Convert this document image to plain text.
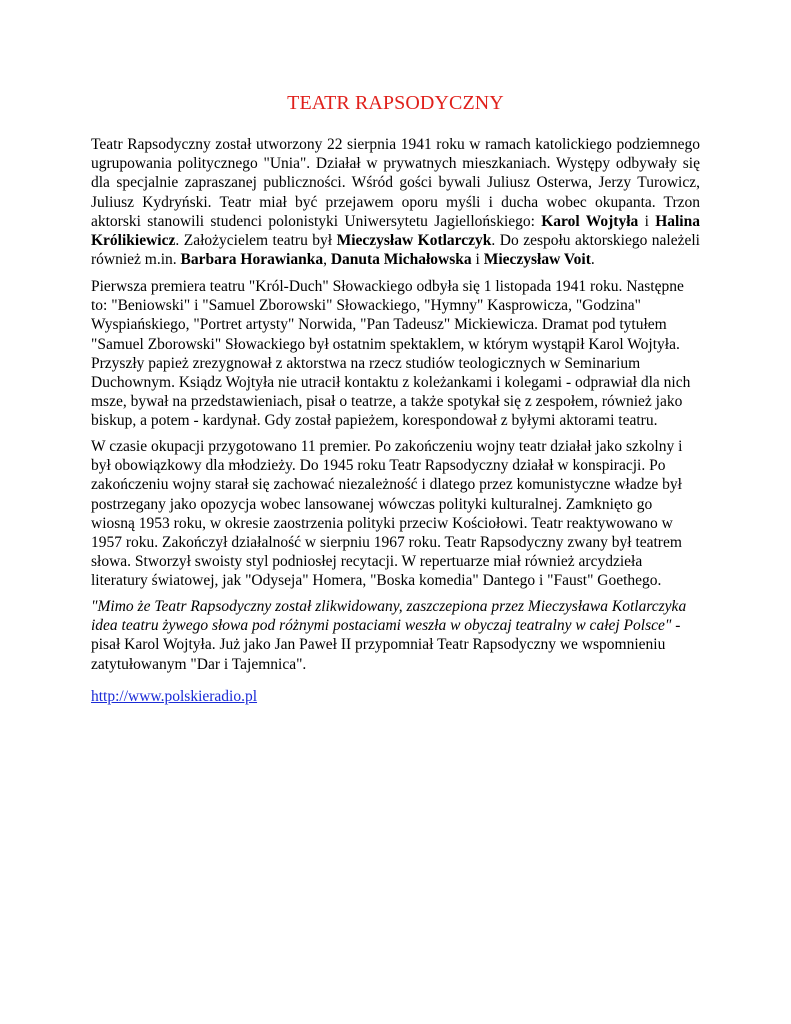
TEATR RAPSODYCZNY

Teatr Rapsodyczny został utworzony 22 sierpnia 1941 roku w ramach katolickiego podziemnego ugrupowania politycznego "Unia". Działał w prywatnych mieszkaniach. Występy odbywały się dla specjalnie zapraszanej publiczności. Wśród gości bywali Juliusz Osterwa, Jerzy Turowicz, Juliusz Kydryński. Teatr miał być przejawem oporu myśli i ducha wobec okupanta. Trzon aktorski stanowili studenci polonistyki Uniwersytetu Jagiellońskiego: Karol Wojtyła i Halina Królikiewicz. Założycielem teatru był Mieczysław Kotlarczyk. Do zespołu aktorskiego należeli również m.in. Barbara Horawianka, Danuta Michałowska i Mieczysław Voit.

Pierwsza premiera teatru "Król-Duch" Słowackiego odbyła się 1 listopada 1941 roku. Następne to: "Beniowski" i "Samuel Zborowski" Słowackiego, "Hymny" Kasprowicza, "Godzina" Wyspiańskiego, "Portret artysty" Norwida, "Pan Tadeusz" Mickiewicza. Dramat pod tytułem "Samuel Zborowski" Słowackiego był ostatnim spektaklem, w którym wystąpił Karol Wojtyła. Przyszły papież zrezygnował z aktorstwa na rzecz studiów teologicznych w Seminarium Duchownym. Ksiądz Wojtyła nie utracił kontaktu z koleżankami i kolegami - odprawiał dla nich msze, bywał na przedstawieniach, pisał o teatrze, a także spotykał się z zespołem, również jako biskup, a potem - kardynał. Gdy został papieżem, korespondował z byłymi aktorami teatru.

W czasie okupacji przygotowano 11 premier. Po zakończeniu wojny teatr działał jako szkolny i był obowiązkowy dla młodzieży. Do 1945 roku Teatr Rapsodyczny działał w konspiracji. Po zakończeniu wojny starał się zachować niezależność i dlatego przez komunistyczne władze był postrzegany jako opozycja wobec lansowanej wówczas polityki kulturalnej. Zamknięto go wiosną 1953 roku, w okresie zaostrzenia polityki przeciw Kościołowi. Teatr reaktywowano w 1957 roku. Zakończył działalność w sierpniu 1967 roku. Teatr Rapsodyczny zwany był teatrem słowa. Stworzył swoisty styl podniosłej recytacji. W repertuarze miał również arcydzieła literatury światowej, jak "Odyseja" Homera, "Boska komedia" Dantego i "Faust" Goethego.

"Mimo że Teatr Rapsodyczny został zlikwidowany, zaszczepiona przez Mieczysława Kotlarczyka idea teatru żywego słowa pod różnymi postaciami weszła w obyczaj teatralny w całej Polsce" - pisał Karol Wojtyła. Już jako Jan Paweł II przypomniał Teatr Rapsodyczny we wspomnieniu zatytułowanym "Dar i Tajemnica".

http://www.polskieradio.pl
